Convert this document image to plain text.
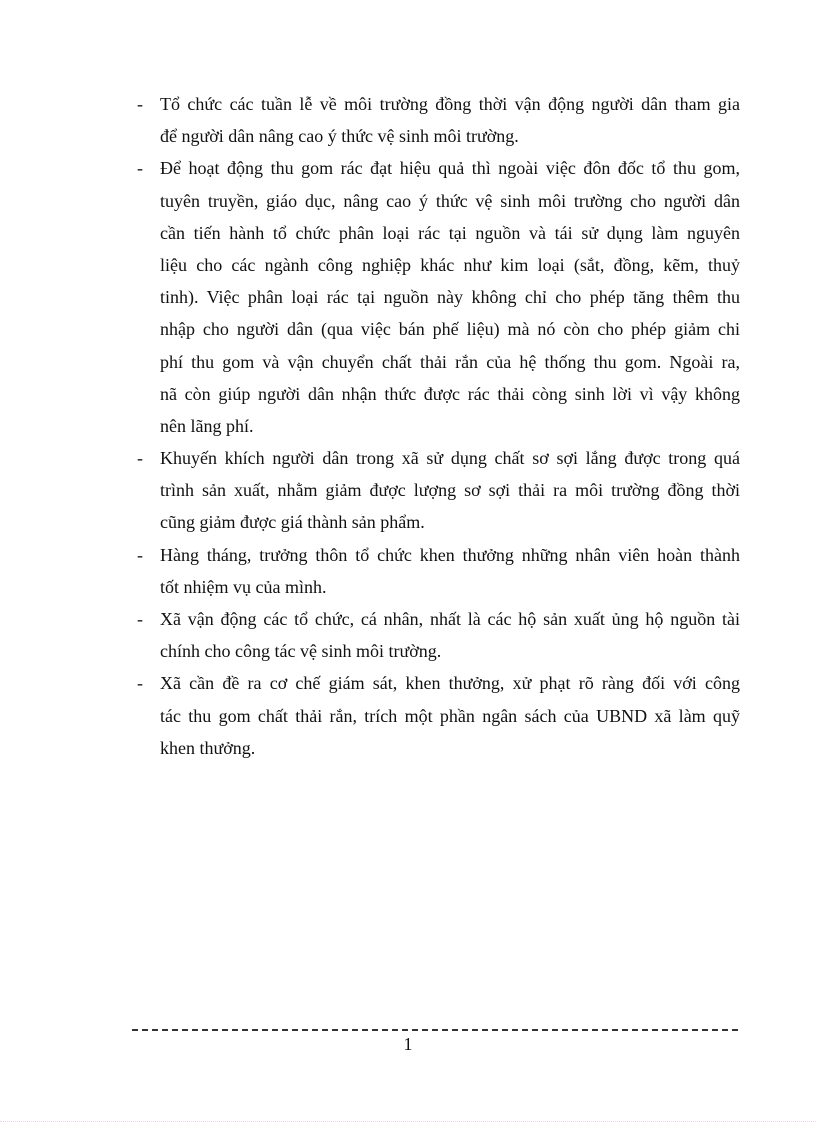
- Tổ chức các tuần lễ về môi trường đồng thời vận động người dân tham gia
để người dân nâng cao ý thức vệ sinh môi trường.
- Để hoạt động thu gom rác đạt hiệu quả thì ngoài việc đôn đốc tổ thu gom,
tuyên truyền, giáo dục, nâng cao ý thức vệ sinh môi trường cho người dân
cần tiến hành tổ chức phân loại rác tại nguồn và tái sử dụng làm nguyên
liệu cho các ngành công nghiệp khác như kim loại (sắt, đồng, kẽm, thuỷ
tinh). Việc phân loại rác tại nguồn này không chỉ cho phép tăng thêm thu
nhập cho người dân (qua việc bán phế liệu) mà nó còn cho phép giảm chi
phí thu gom và vận chuyển chất thải rắn của hệ thống thu gom. Ngoài ra,
nã còn giúp người dân nhận thức được rác thải còng sinh lời vì vậy không
nên lãng phí.
- Khuyến khích người dân trong xã sử dụng chất sơ sợi lắng được trong quá
trình sản xuất, nhằm giảm được lượng sơ sợi thải ra môi trường đồng thời
cũng giảm được giá thành sản phẩm.
- Hàng tháng, trưởng thôn tổ chức khen thưởng những nhân viên hoàn thành
tốt nhiệm vụ của mình.
- Xã vận động các tổ chức, cá nhân, nhất là các hộ sản xuất ủng hộ nguồn tài
chính cho công tác vệ sinh môi trường.
- Xã cần đề ra cơ chế giám sát, khen thưởng, xử phạt rõ ràng đối với công
tác thu gom chất thải rắn, trích một phần ngân sách của UBND xã làm quỹ
khen thưởng.
1
